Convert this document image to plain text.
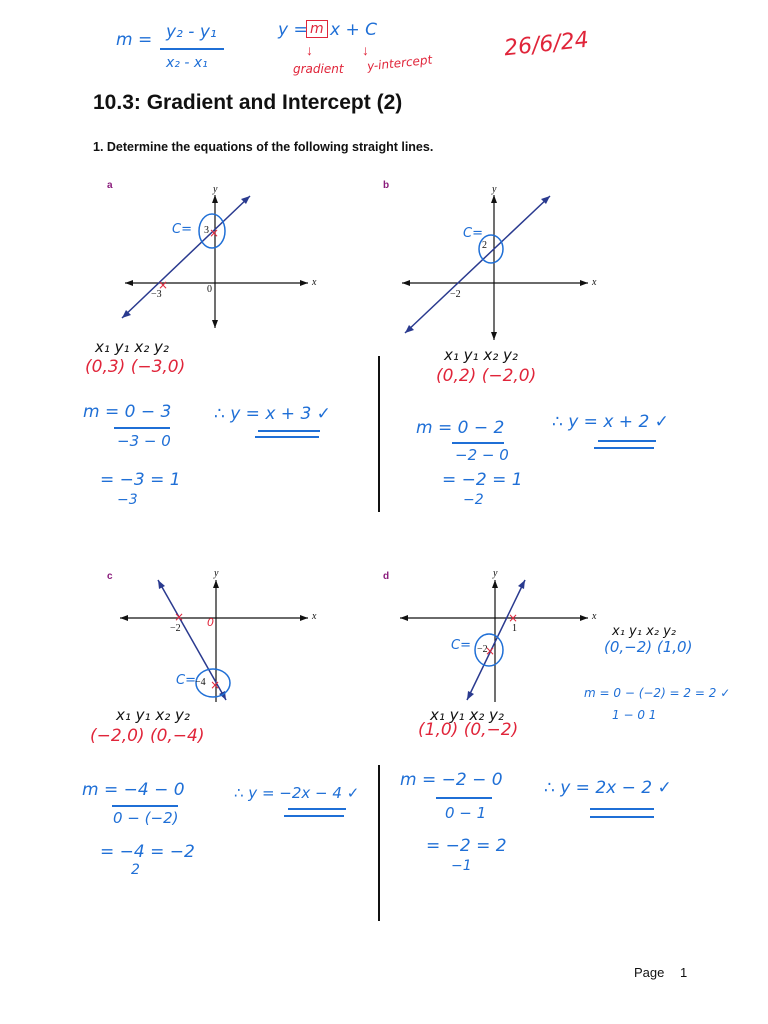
m = y₂ - y₁
x₂ - x₁
y = m x + C
↓	↓
gradient y-intercept
26/6/24
10.3: Gradient and Intercept (2)
1. Determine the equations of the following straight lines.
a
×
×
y
x
3
−3	0
C=
x₁ y₁ x₂ y₂
(0,3) (−3,0)
m = 0 − 3
−3 − 0
= −3 = 1
−3
∴ y = x + 3 ✓
b	y
x
2
−2
C=
x₁ y₁ x₂ y₂
(0,2) (−2,0)
m = 0 − 2
−2 − 0
= −2 = 1
−2
∴ y = x + 2 ✓
c
×
×
y
x
−2 0
−4
C=
x₁ y₁ x₂ y₂
(−2,0) (0,−4)
m = −4 − 0
0 − (−2)
= −4 = −2
2
∴ y = −2x − 4 ✓
d
×
×
y
x
1
−2
C=
x₁ y₁ x₂ y₂
(1,0) (0,−2)
m = −2 − 0
0 − 1
= −2 = 2
−1
∴ y = 2x − 2 ✓
x₁ y₁ x₂ y₂
(0,−2) (1,0)
m = 0 − (−2) = 2 = 2 ✓
1 − 0 1
Page 1
